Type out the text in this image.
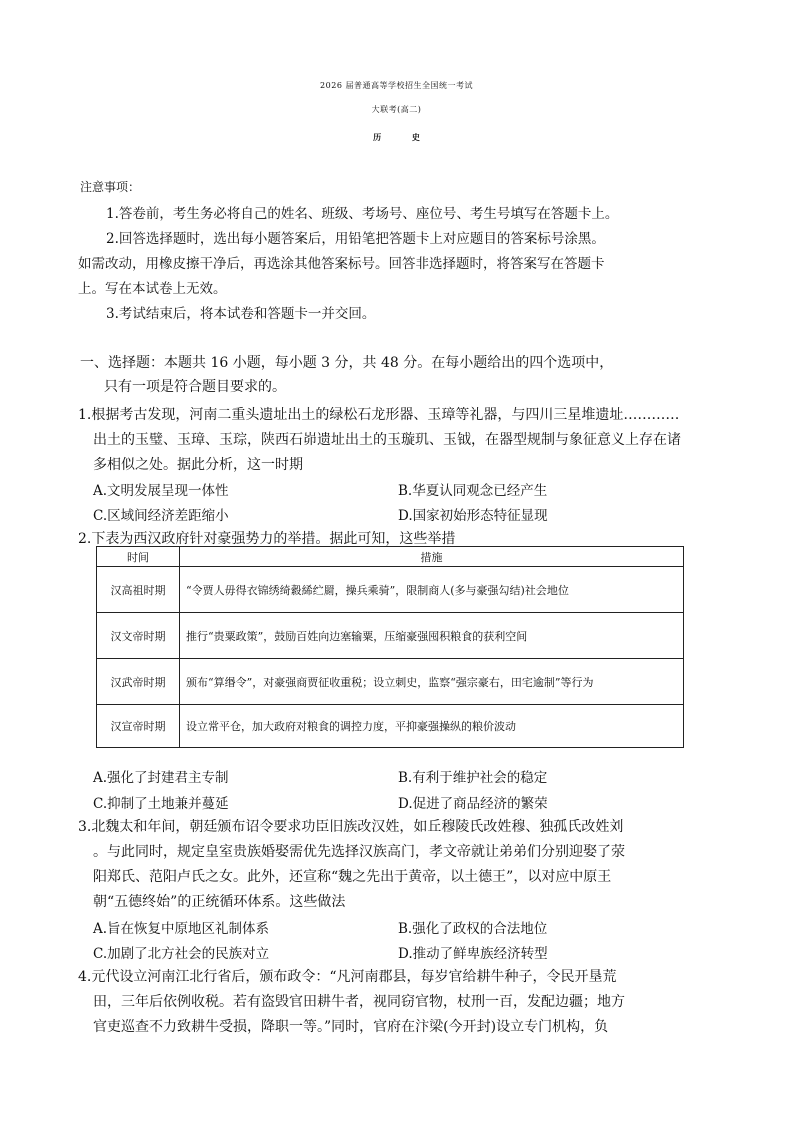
2026 届普通高等学校招生全国统一考试
大联考(高二)
历 史
注意事项：
1.答卷前，考生务必将自己的姓名、班级、考场号、座位号、考生号填写在答题卡上。
2.回答选择题时，选出每小题答案后，用铅笔把答题卡上对应题目的答案标号涂黑。
如需改动，用橡皮擦干净后，再选涂其他答案标号。回答非选择题时，将答案写在答题卡
上。写在本试卷上无效。
3.考试结束后，将本试卷和答题卡一并交回。
一、选择题：本题共 16 小题，每小题 3 分，共 48 分。在每小题给出的四个选项中，
只有一项是符合题目要求的。
1.根据考古发现，河南二重头遗址出土的绿松石龙形器、玉璋等礼器，与四川三星堆遗址…………
出土的玉璧、玉璋、玉琮，陕西石峁遗址出土的玉璇玑、玉钺，在器型规制与象征意义上存在诸
多相似之处。据此分析，这一时期
A.文明发展呈现一体性	B.华夏认同观念已经产生
C.区域间经济差距缩小	D.国家初始形态特征显现
2.下表为西汉政府针对豪强势力的举措。据此可知，这些举措
时间	措施
汉高祖时期	“令贾人毋得衣锦绣绮縠絺纻罽，操兵乘骑”，限制商人(多与豪强勾结)社会地位
汉文帝时期	推行“贵粟政策”，鼓励百姓向边塞输粟，压缩豪强囤积粮食的获利空间
汉武帝时期	颁布“算缗令”，对豪强商贾征收重税；设立刺史，监察“强宗豪右，田宅逾制”等行为
汉宣帝时期	设立常平仓，加大政府对粮食的调控力度，平抑豪强操纵的粮价波动
A.强化了封建君主专制	B.有利于维护社会的稳定
C.抑制了土地兼并蔓延	D.促进了商品经济的繁荣
3.北魏太和年间，朝廷颁布诏令要求功臣旧族改汉姓，如丘穆陵氏改姓穆、独孤氏改姓刘
。与此同时，规定皇室贵族婚娶需优先选择汉族高门，孝文帝就让弟弟们分别迎娶了荥
阳郑氏、范阳卢氏之女。此外，还宣称“魏之先出于黄帝，以土德王”，以对应中原王
朝“五德终始”的正统循环体系。这些做法
A.旨在恢复中原地区礼制体系	B.强化了政权的合法地位
C.加剧了北方社会的民族对立	D.推动了鲜卑族经济转型
4.元代设立河南江北行省后，颁布政令：“凡河南郡县，每岁官给耕牛种子，令民开垦荒
田，三年后依例收税。若有盗毁官田耕牛者，视同窃官物，杖刑一百，发配边疆；地方
官吏巡查不力致耕牛受损，降职一等。”同时，官府在汴梁(今开封)设立专门机构，负
